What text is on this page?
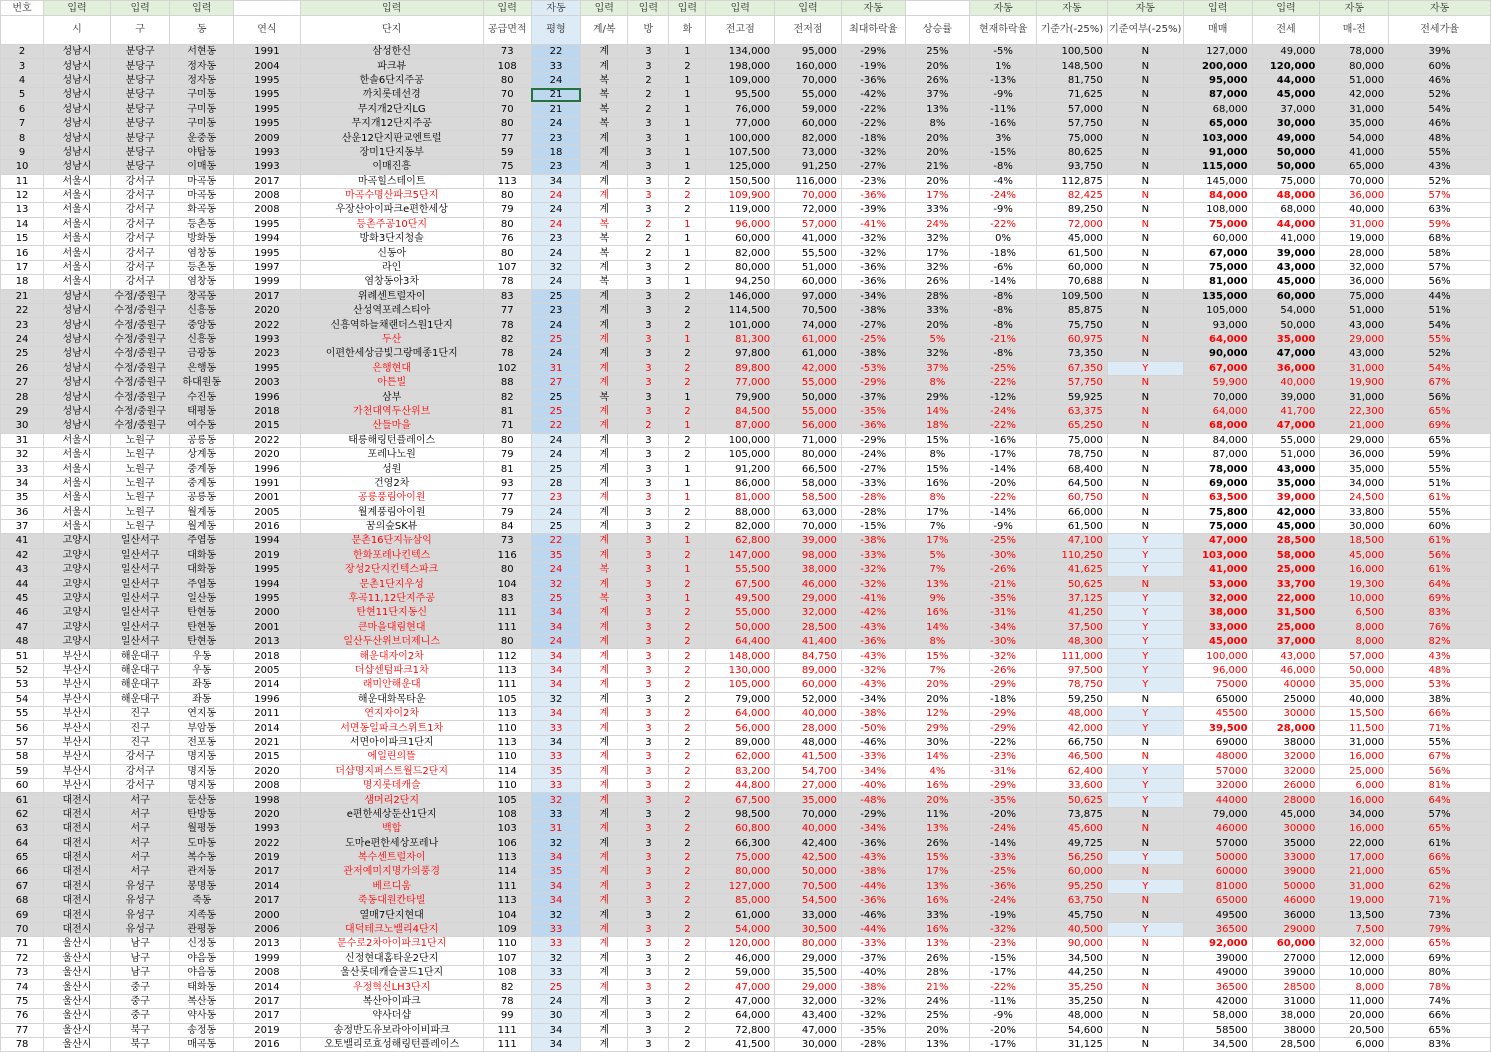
번호	입력	입력	입력		입력	입력	자동	입력	입력	입력	입력	입력	자동		자동	자동	자동	입력	입력	자동	자동
	시	구	동	연식	단지	공급면적	평형	계/복	방	화	전고점	전저점	최대하락율	상승률	현재하락율	기준가(-25%)	기준여부(-25%)	매매	전세	매-전	전세가율
2	성남시	분당구	서현동	1991	삼성한신	73	22	계	3	1	134,000	95,000	-29%	25%	-5%	100,500	N	127,000	49,000	78,000	39%
3	성남시	분당구	정자동	2004	파크뷰	108	33	계	3	2	198,000	160,000	-19%	20%	1%	148,500	N	200,000	120,000	80,000	60%
4	성남시	분당구	정자동	1995	한솔6단지주공	80	24	복	2	1	109,000	70,000	-36%	26%	-13%	81,750	N	95,000	44,000	51,000	46%
5	성남시	분당구	구미동	1995	까치롯데선경	70	21	복	2	1	95,500	55,000	-42%	37%	-9%	71,625	N	87,000	45,000	42,000	52%
6	성남시	분당구	구미동	1995	무지개2단지LG	70	21	복	2	1	76,000	59,000	-22%	13%	-11%	57,000	N	68,000	37,000	31,000	54%
7	성남시	분당구	구미동	1995	무지개12단지주공	80	24	복	3	1	77,000	60,000	-22%	8%	-16%	57,750	N	65,000	30,000	35,000	46%
8	성남시	분당구	운중동	2009	산운12단지판교엔트럴	77	23	계	3	1	100,000	82,000	-18%	20%	3%	75,000	N	103,000	49,000	54,000	48%
9	성남시	분당구	야탑동	1993	장미1단지동부	59	18	계	3	1	107,500	73,000	-32%	20%	-15%	80,625	N	91,000	50,000	41,000	55%
10	성남시	분당구	이매동	1993	이매진흥	75	23	계	3	1	125,000	91,250	-27%	21%	-8%	93,750	N	115,000	50,000	65,000	43%
11	서울시	강서구	마곡동	2017	마곡힐스테이트	113	34	계	3	2	150,500	116,000	-23%	20%	-4%	112,875	N	145,000	75,000	70,000	52%
12	서울시	강서구	마곡동	2008	마곡수명산파크5단지	80	24	계	3	2	109,900	70,000	-36%	17%	-24%	82,425	N	84,000	48,000	36,000	57%
13	서울시	강서구	화곡동	2008	우장산아이파크e편한세상	79	24	계	3	2	119,000	72,000	-39%	33%	-9%	89,250	N	108,000	68,000	40,000	63%
14	서울시	강서구	등촌동	1995	등촌주공10단지	80	24	복	2	1	96,000	57,000	-41%	24%	-22%	72,000	N	75,000	44,000	31,000	59%
15	서울시	강서구	방화동	1994	방화3단지청솔	76	23	복	2	1	60,000	41,000	-32%	32%	0%	45,000	N	60,000	41,000	19,000	68%
16	서울시	강서구	염창동	1995	신동아	80	24	복	2	1	82,000	55,500	-32%	17%	-18%	61,500	N	67,000	39,000	28,000	58%
17	서울시	강서구	등촌동	1997	라인	107	32	계	3	2	80,000	51,000	-36%	32%	-6%	60,000	N	75,000	43,000	32,000	57%
18	서울시	강서구	염창동	1999	염창동아3차	78	24	복	3	1	94,250	60,000	-36%	26%	-14%	70,688	N	81,000	45,000	36,000	56%
21	성남시	수정/중원구	창곡동	2017	위례센트럴자이	83	25	계	3	2	146,000	97,000	-34%	28%	-8%	109,500	N	135,000	60,000	75,000	44%
22	성남시	수정/중원구	신흥동	2020	산성역포레스티아	77	23	계	3	2	114,500	70,500	-38%	33%	-8%	85,875	N	105,000	54,000	51,000	51%
23	성남시	수정/중원구	중앙동	2022	신흥역하늘채랜더스원1단지	78	24	계	3	2	101,000	74,000	-27%	20%	-8%	75,750	N	93,000	50,000	43,000	54%
24	성남시	수정/중원구	신흥동	1993	두산	82	25	계	3	1	81,300	61,000	-25%	5%	-21%	60,975	N	64,000	35,000	29,000	55%
25	성남시	수정/중원구	금광동	2023	이편한세상금빛그랑메종1단지	78	24	계	3	2	97,800	61,000	-38%	32%	-8%	73,350	N	90,000	47,000	43,000	52%
26	성남시	수정/중원구	은행동	1995	은행현대	102	31	계	3	2	89,800	42,000	-53%	37%	-25%	67,350	Y	67,000	36,000	31,000	54%
27	성남시	수정/중원구	하대원동	2003	아튼빌	88	27	계	3	2	77,000	55,000	-29%	8%	-22%	57,750	N	59,900	40,000	19,900	67%
28	성남시	수정/중원구	수진동	1996	삼부	82	25	복	3	1	79,900	50,000	-37%	29%	-12%	59,925	N	70,000	39,000	31,000	56%
29	성남시	수정/중원구	태평동	2018	가천대역두산위브	81	25	계	3	2	84,500	55,000	-35%	14%	-24%	63,375	N	64,000	41,700	22,300	65%
30	성남시	수정/중원구	여수동	2015	산들마을	71	22	계	2	1	87,000	56,000	-36%	18%	-22%	65,250	N	68,000	47,000	21,000	69%
31	서울시	노원구	공릉동	2022	태릉해링턴플레이스	80	24	계	3	2	100,000	71,000	-29%	15%	-16%	75,000	N	84,000	55,000	29,000	65%
32	서울시	노원구	상계동	2020	포레나노원	79	24	계	3	2	105,000	80,000	-24%	8%	-17%	78,750	N	87,000	51,000	36,000	59%
33	서울시	노원구	중계동	1996	성원	81	25	계	3	1	91,200	66,500	-27%	15%	-14%	68,400	N	78,000	43,000	35,000	55%
34	서울시	노원구	중계동	1991	건영2차	93	28	계	3	1	86,000	58,000	-33%	16%	-20%	64,500	N	69,000	35,000	34,000	51%
35	서울시	노원구	공릉동	2001	공릉풍림아이원	77	23	계	3	1	81,000	58,500	-28%	8%	-22%	60,750	N	63,500	39,000	24,500	61%
36	서울시	노원구	월계동	2005	월계풍림아이원	79	24	계	3	2	88,000	63,000	-28%	17%	-14%	66,000	N	75,800	42,000	33,800	55%
37	서울시	노원구	월계동	2016	꿈의숲SK뷰	84	25	계	3	2	82,000	70,000	-15%	7%	-9%	61,500	N	75,000	45,000	30,000	60%
41	고양시	일산서구	주엽동	1994	문촌16단지뉴삼익	73	22	계	3	1	62,800	39,000	-38%	17%	-25%	47,100	Y	47,000	28,500	18,500	61%
42	고양시	일산서구	대화동	2019	한화포레나킨텍스	116	35	계	3	2	147,000	98,000	-33%	5%	-30%	110,250	Y	103,000	58,000	45,000	56%
43	고양시	일산서구	대화동	1995	장성2단지킨텍스파크	80	24	복	3	1	55,500	38,000	-32%	7%	-26%	41,625	Y	41,000	25,000	16,000	61%
44	고양시	일산서구	주엽동	1994	문촌1단지우성	104	32	계	3	2	67,500	46,000	-32%	13%	-21%	50,625	N	53,000	33,700	19,300	64%
45	고양시	일산서구	일산동	1995	후곡11,12단지주공	83	25	복	3	1	49,500	29,000	-41%	9%	-35%	37,125	Y	32,000	22,000	10,000	69%
46	고양시	일산서구	탄현동	2000	탄현11단지동신	111	34	계	3	2	55,000	32,000	-42%	16%	-31%	41,250	Y	38,000	31,500	6,500	83%
47	고양시	일산서구	탄현동	2001	큰마을대림현대	111	34	계	3	2	50,000	28,500	-43%	14%	-34%	37,500	Y	33,000	25,000	8,000	76%
48	고양시	일산서구	탄현동	2013	일산두산위브더제니스	80	24	계	3	2	64,400	41,400	-36%	8%	-30%	48,300	Y	45,000	37,000	8,000	82%
51	부산시	해운대구	우동	2018	해운대자이2차	112	34	계	3	2	148,000	84,750	-43%	15%	-32%	111,000	Y	100,000	43,000	57,000	43%
52	부산시	해운대구	우동	2005	더샵센텀파크1차	113	34	계	3	2	130,000	89,000	-32%	7%	-26%	97,500	Y	96,000	46,000	50,000	48%
53	부산시	해운대구	좌동	2014	래미안해운대	111	34	계	3	2	105,000	60,000	-43%	20%	-29%	78,750	Y	75000	40000	35,000	53%
54	부산시	해운대구	좌동	1996	해운대화목타운	105	32	계	3	2	79,000	52,000	-34%	20%	-18%	59,250	N	65000	25000	40,000	38%
55	부산시	진구	연지동	2011	연지자이2차	113	34	계	3	2	64,000	40,000	-38%	12%	-29%	48,000	Y	45500	30000	15,500	66%
56	부산시	진구	부암동	2014	서면동일파크스위트1차	110	33	계	3	2	56,000	28,000	-50%	29%	-29%	42,000	Y	39,500	28,000	11,500	71%
57	부산시	진구	전포동	2021	서면아이파크1단지	113	34	계	3	2	89,000	48,000	-46%	30%	-22%	66,750	N	69000	38000	31,000	55%
58	부산시	강서구	명지동	2015	에일린의뜰	110	33	계	3	2	62,000	41,500	-33%	14%	-23%	46,500	N	48000	32000	16,000	67%
59	부산시	강서구	명지동	2020	더샵명지퍼스트월드2단지	114	35	계	3	2	83,200	54,700	-34%	4%	-31%	62,400	Y	57000	32000	25,000	56%
60	부산시	강서구	명지동	2008	명지롯데캐슬	110	33	계	3	2	44,800	27,000	-40%	16%	-29%	33,600	Y	32000	26000	6,000	81%
61	대전시	서구	둔산동	1998	샘머리2단지	105	32	계	3	2	67,500	35,000	-48%	20%	-35%	50,625	Y	44000	28000	16,000	64%
62	대전시	서구	탄방동	2020	e편한세상둔산1단지	108	33	계	3	2	98,500	70,000	-29%	11%	-20%	73,875	N	79,000	45,000	34,000	57%
63	대전시	서구	월평동	1993	백합	103	31	계	3	2	60,800	40,000	-34%	13%	-24%	45,600	N	46000	30000	16,000	65%
64	대전시	서구	도마동	2022	도마e편한세상포레나	106	32	계	3	2	66,300	42,400	-36%	26%	-14%	49,725	N	57000	35000	22,000	61%
65	대전시	서구	복수동	2019	복수센트럴자이	113	34	계	3	2	75,000	42,500	-43%	15%	-33%	56,250	Y	50000	33000	17,000	66%
66	대전시	서구	관저동	2017	관저예미지명가의풍경	114	35	계	3	2	80,000	50,000	-38%	17%	-25%	60,000	N	60000	39000	21,000	65%
67	대전시	유성구	봉명동	2014	베르디움	111	34	계	3	2	127,000	70,500	-44%	13%	-36%	95,250	Y	81000	50000	31,000	62%
68	대전시	유성구	죽동	2017	죽동대원칸타빌	113	34	계	3	2	85,000	54,500	-36%	16%	-24%	63,750	N	65000	46000	19,000	71%
69	대전시	유성구	지족동	2000	열매7단지현대	104	32	계	3	2	61,000	33,000	-46%	33%	-19%	45,750	N	49500	36000	13,500	73%
70	대전시	유성구	관평동	2006	대덕테크노밸리4단지	109	33	계	3	2	54,000	30,500	-44%	16%	-32%	40,500	Y	36500	29000	7,500	79%
71	울산시	남구	신정동	2013	문수로2차아이파크1단지	110	33	계	3	2	120,000	80,000	-33%	13%	-23%	90,000	N	92,000	60,000	32,000	65%
72	울산시	남구	야음동	1999	신정현대홈타운2단지	107	32	계	3	2	46,000	29,000	-37%	26%	-15%	34,500	N	39000	27000	12,000	69%
73	울산시	남구	야음동	2008	울산롯데캐슬골드1단지	108	33	계	3	2	59,000	35,500	-40%	28%	-17%	44,250	N	49000	39000	10,000	80%
74	울산시	중구	태화동	2014	우정혁신LH3단지	82	25	계	3	2	47,000	29,000	-38%	21%	-22%	35,250	N	36500	28500	8,000	78%
75	울산시	중구	복산동	2017	복산아이파크	78	24	계	3	2	47,000	32,000	-32%	24%	-11%	35,250	N	42000	31000	11,000	74%
76	울산시	중구	약사동	2017	약사더샵	99	30	계	3	2	64,000	43,400	-32%	25%	-9%	48,000	N	58,000	38,000	20,000	66%
77	울산시	북구	송정동	2019	송정반도유보라아이비파크	111	34	계	3	2	72,800	47,000	-35%	20%	-20%	54,600	N	58500	38000	20,500	65%
78	울산시	북구	매곡동	2016	오토밸리로효성해링턴플레이스	111	34	계	3	2	41,500	30,000	-28%	13%	-17%	31,125	N	34,500	28,500	6,000	83%
